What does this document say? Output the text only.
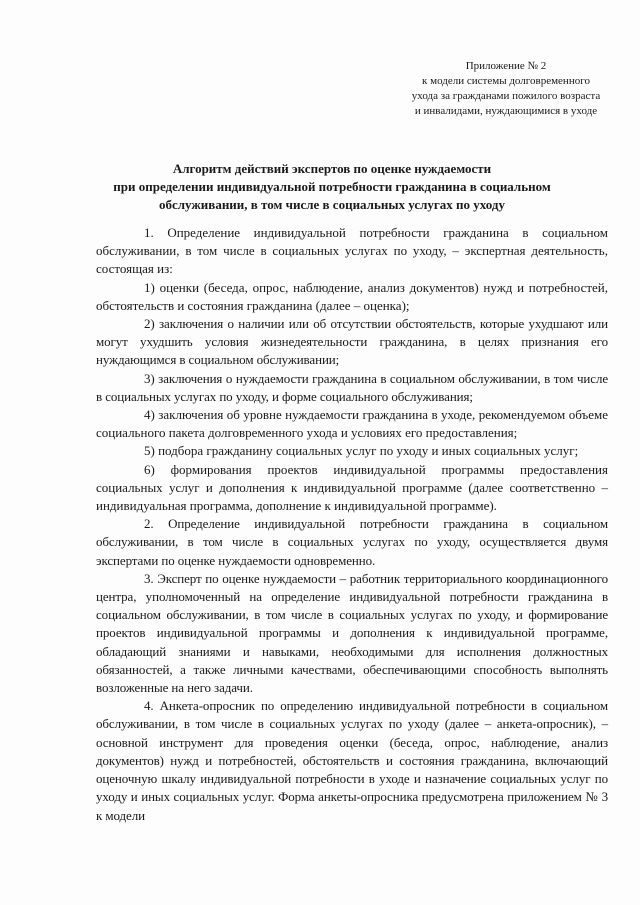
Приложение № 2
к модели системы долговременного
ухода за гражданами пожилого возраста
и инвалидами, нуждающимися в уходе
Алгоритм действий экспертов по оценке нуждаемости
при определении индивидуальной потребности гражданина в социальном
обслуживании, в том числе в социальных услугах по уходу

1. Определение индивидуальной потребности гражданина в социальном обслуживании, в том числе в социальных услугах по уходу, – экспертная деятельность, состоящая из:

1) оценки (беседа, опрос, наблюдение, анализ документов) нужд и потребностей, обстоятельств и состояния гражданина (далее – оценка);

2) заключения о наличии или об отсутствии обстоятельств, которые ухудшают или могут ухудшить условия жизнедеятельности гражданина, в целях признания его нуждающимся в социальном обслуживании;

3) заключения о нуждаемости гражданина в социальном обслуживании, в том числе в социальных услугах по уходу, и форме социального обслуживания;

4) заключения об уровне нуждаемости гражданина в уходе, рекомендуемом объеме социального пакета долговременного ухода и условиях его предоставления;

5) подбора гражданину социальных услуг по уходу и иных социальных услуг;

6) формирования проектов индивидуальной программы предоставления социальных услуг и дополнения к индивидуальной программе (далее соответственно – индивидуальная программа, дополнение к индивидуальной программе).

2. Определение индивидуальной потребности гражданина в социальном обслуживании, в том числе в социальных услугах по уходу, осуществляется двумя экспертами по оценке нуждаемости одновременно.

3. Эксперт по оценке нуждаемости – работник территориального координационного центра, уполномоченный на определение индивидуальной потребности гражданина в социальном обслуживании, в том числе в социальных услугах по уходу, и формирование проектов индивидуальной программы и дополнения к индивидуальной программе, обладающий знаниями и навыками, необходимыми для исполнения должностных обязанностей, а также личными качествами, обеспечивающими способность выполнять возложенные на него задачи.

4. Анкета-опросник по определению индивидуальной потребности в социальном обслуживании, в том числе в социальных услугах по уходу (далее – анкета-опросник), – основной инструмент для проведения оценки (беседа, опрос, наблюдение, анализ документов) нужд и потребностей, обстоятельств и состояния гражданина, включающий оценочную шкалу индивидуальной потребности в уходе и назначение социальных услуг по уходу и иных социальных услуг. Форма анкеты-опросника предусмотрена приложением № 3 к модели
